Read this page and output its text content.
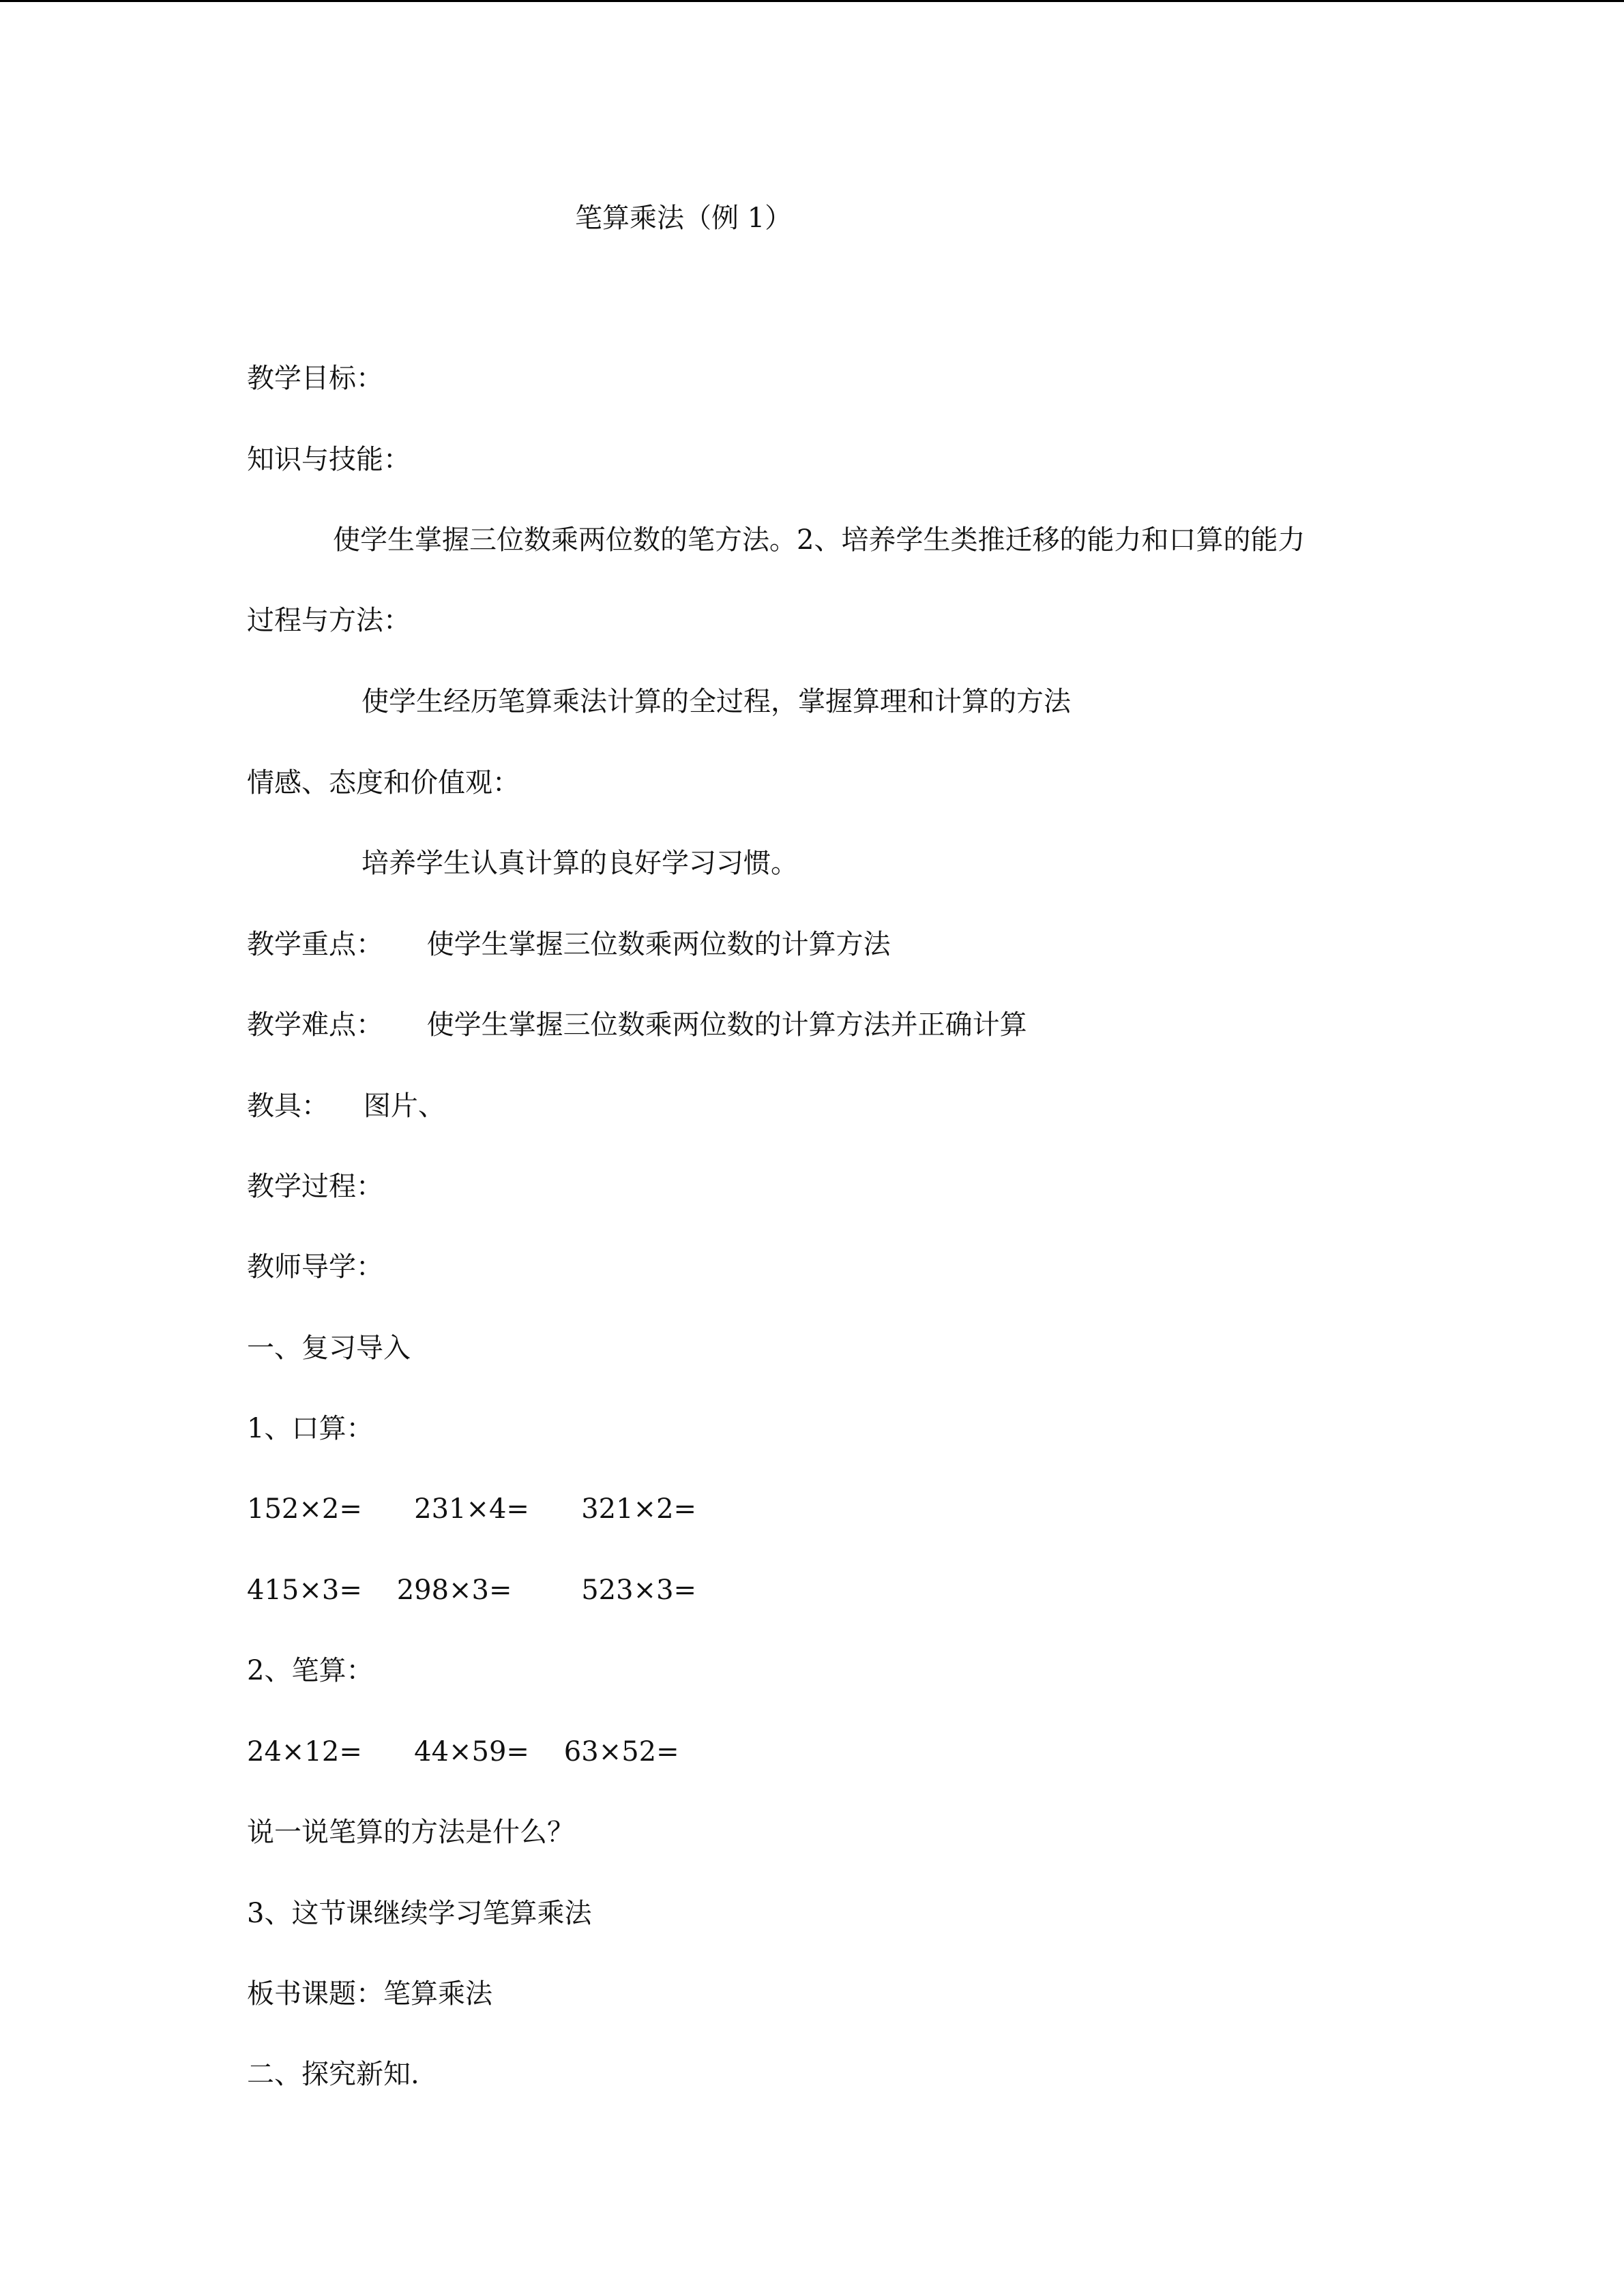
笔算乘法（例 1）
教学目标：
知识与技能：
使学生掌握三位数乘两位数的笔方法。2、培养学生类推迁移的能力和口算的能力
过程与方法：
使学生经历笔算乘法计算的全过程，掌握算理和计算的方法
情感、态度和价值观：
培养学生认真计算的良好学习习惯。
教学重点：     使学生掌握三位数乘两位数的计算方法
教学难点：     使学生掌握三位数乘两位数的计算方法并正确计算
教具：    图片、
教学过程：
教师导学：
一、复习导入
1、口算：
152×2=      231×4=      321×2=
415×3=    298×3=        523×3=
2、笔算：
24×12=      44×59=    63×52=
说一说笔算的方法是什么？
3、这节课继续学习笔算乘法
板书课题：笔算乘法
二、探究新知.
